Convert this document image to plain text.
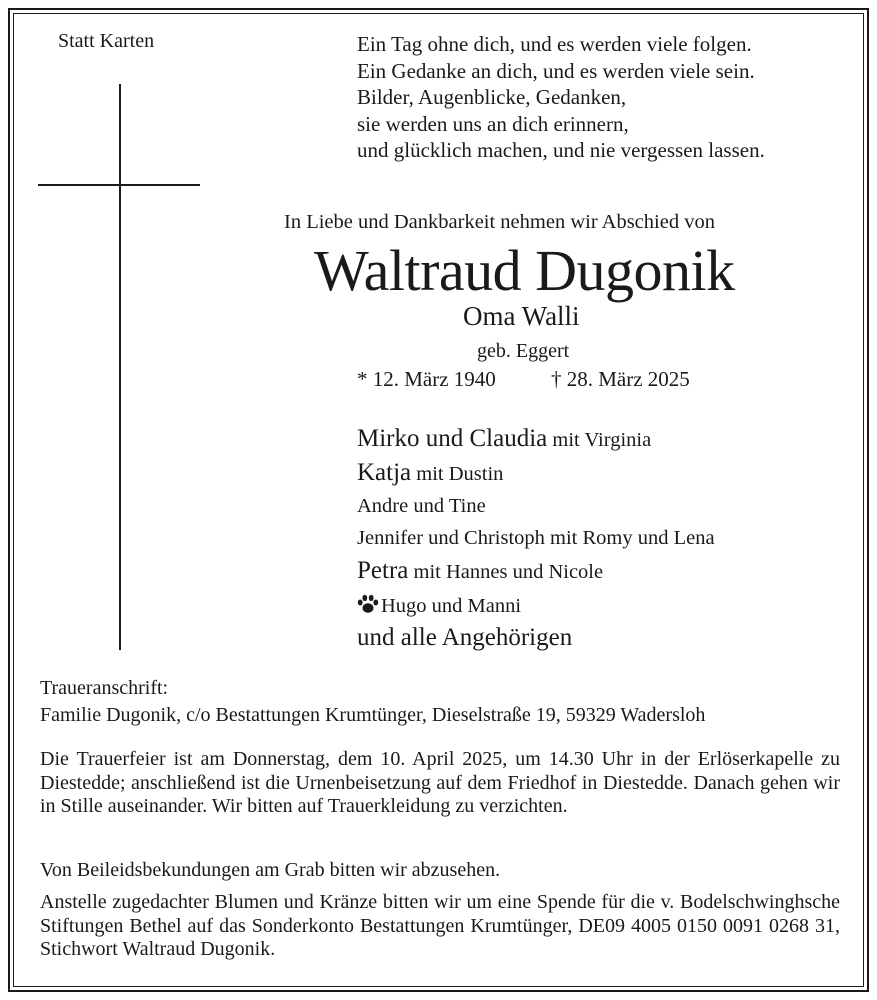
Statt Karten	Ein Tag ohne dich, und es werden viele folgen.
Ein Gedanke an dich, und es werden viele sein.
Bilder, Augenblicke, Gedanken,
sie werden uns an dich erinnern,
und glücklich machen, und nie vergessen lassen.
In Liebe und Dankbarkeit nehmen wir Abschied von
Waltraud Dugonik
Oma Walli
geb. Eggert
* 12. März 1940	† 28. März 2025
Mirko und Claudia mit Virginia
Katja mit Dustin
Andre und Tine
Jennifer und Christoph mit Romy und Lena
Petra mit Hannes und Nicole
Hugo und Manni
und alle Angehörigen
Traueranschrift:
Familie Dugonik, c/o Bestattungen Krumtünger, Dieselstraße 19, 59329 Wadersloh
Die Trauerfeier ist am Donnerstag, dem 10. April 2025, um 14.30 Uhr in der Erlöserkapelle zu Diestedde; anschließend ist die Urnenbeisetzung auf dem Friedhof in Diestedde. Danach gehen wir in Stille auseinander. Wir bitten auf Trauerkleidung zu verzichten.
Von Beileidsbekundungen am Grab bitten wir abzusehen.
Anstelle zugedachter Blumen und Kränze bitten wir um eine Spende für die v. Bodelschwinghsche Stiftungen Bethel auf das Sonderkonto Bestattungen Krumtünger, DE09 4005 0150 0091 0268 31, Stichwort Waltraud Dugonik.
